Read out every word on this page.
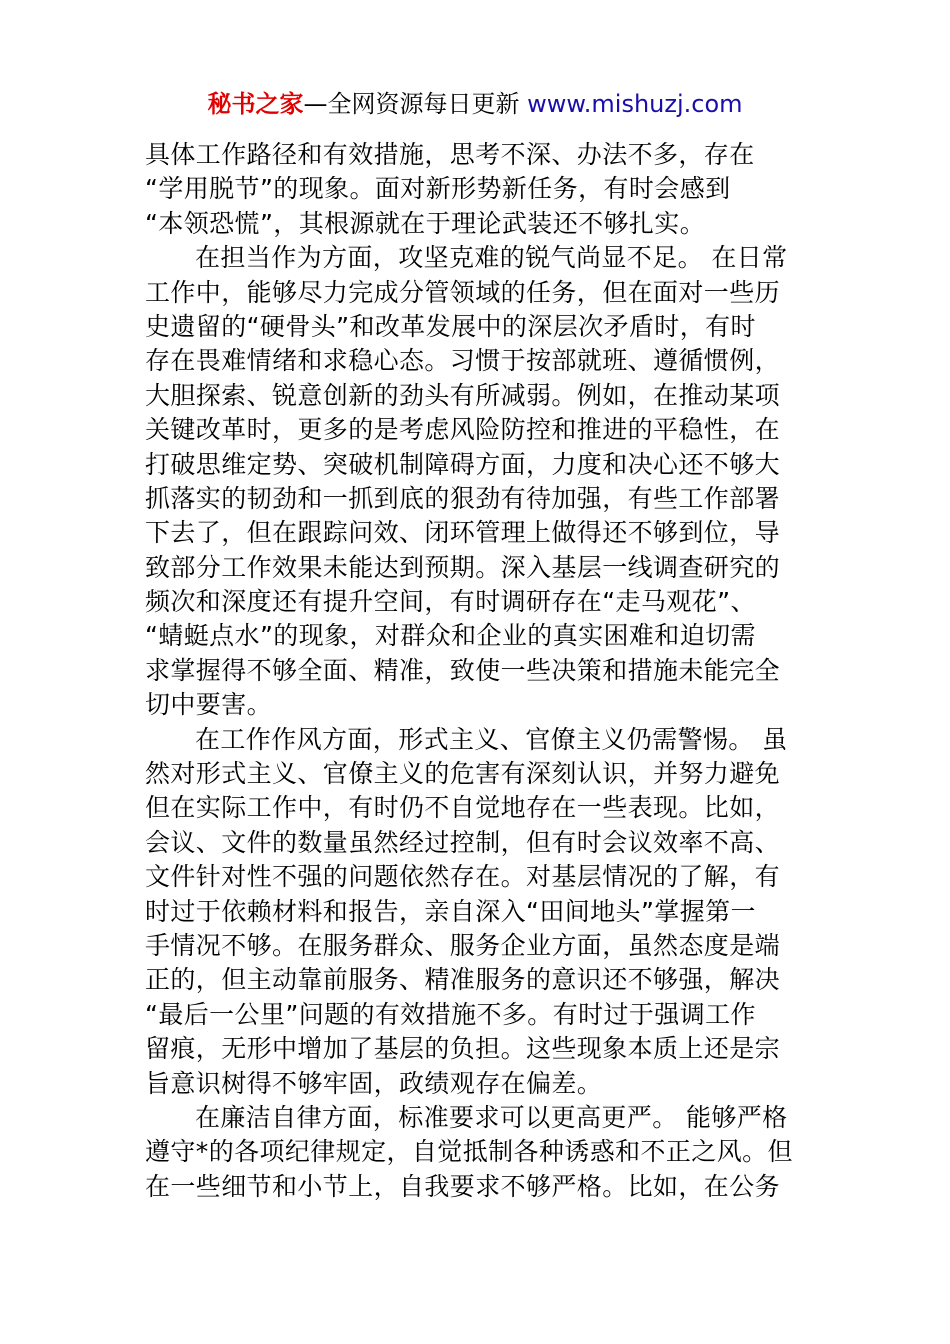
秘书之家—全网资源每日更新 www.mishuzj.com
具体工作路径和有效措施，思考不深、办法不多，存在
“学用脱节”的现象。面对新形势新任务，有时会感到
“本领恐慌”，其根源就在于理论武装还不够扎实。
在担当作为方面，攻坚克难的锐气尚显不足。 在日常
工作中，能够尽力完成分管领域的任务，但在面对一些历
史遗留的“硬骨头”和改革发展中的深层次矛盾时，有时
存在畏难情绪和求稳心态。习惯于按部就班、遵循惯例，
大胆探索、锐意创新的劲头有所减弱。例如，在推动某项
关键改革时，更多的是考虑风险防控和推进的平稳性，在
打破思维定势、突破机制障碍方面，力度和决心还不够大
抓落实的韧劲和一抓到底的狠劲有待加强，有些工作部署
下去了，但在跟踪问效、闭环管理上做得还不够到位，导
致部分工作效果未能达到预期。深入基层一线调查研究的
频次和深度还有提升空间，有时调研存在“走马观花”、
“蜻蜓点水”的现象，对群众和企业的真实困难和迫切需
求掌握得不够全面、精准，致使一些决策和措施未能完全
切中要害。
在工作作风方面，形式主义、官僚主义仍需警惕。 虽
然对形式主义、官僚主义的危害有深刻认识，并努力避免
但在实际工作中，有时仍不自觉地存在一些表现。比如，
会议、文件的数量虽然经过控制，但有时会议效率不高、
文件针对性不强的问题依然存在。对基层情况的了解，有
时过于依赖材料和报告，亲自深入“田间地头”掌握第一
手情况不够。在服务群众、服务企业方面，虽然态度是端
正的，但主动靠前服务、精准服务的意识还不够强，解决
“最后一公里”问题的有效措施不多。有时过于强调工作
留痕，无形中增加了基层的负担。这些现象本质上还是宗
旨意识树得不够牢固，政绩观存在偏差。
在廉洁自律方面，标准要求可以更高更严。 能够严格
遵守*的各项纪律规定，自觉抵制各种诱惑和不正之风。但
在一些细节和小节上，自我要求不够严格。比如，在公务
